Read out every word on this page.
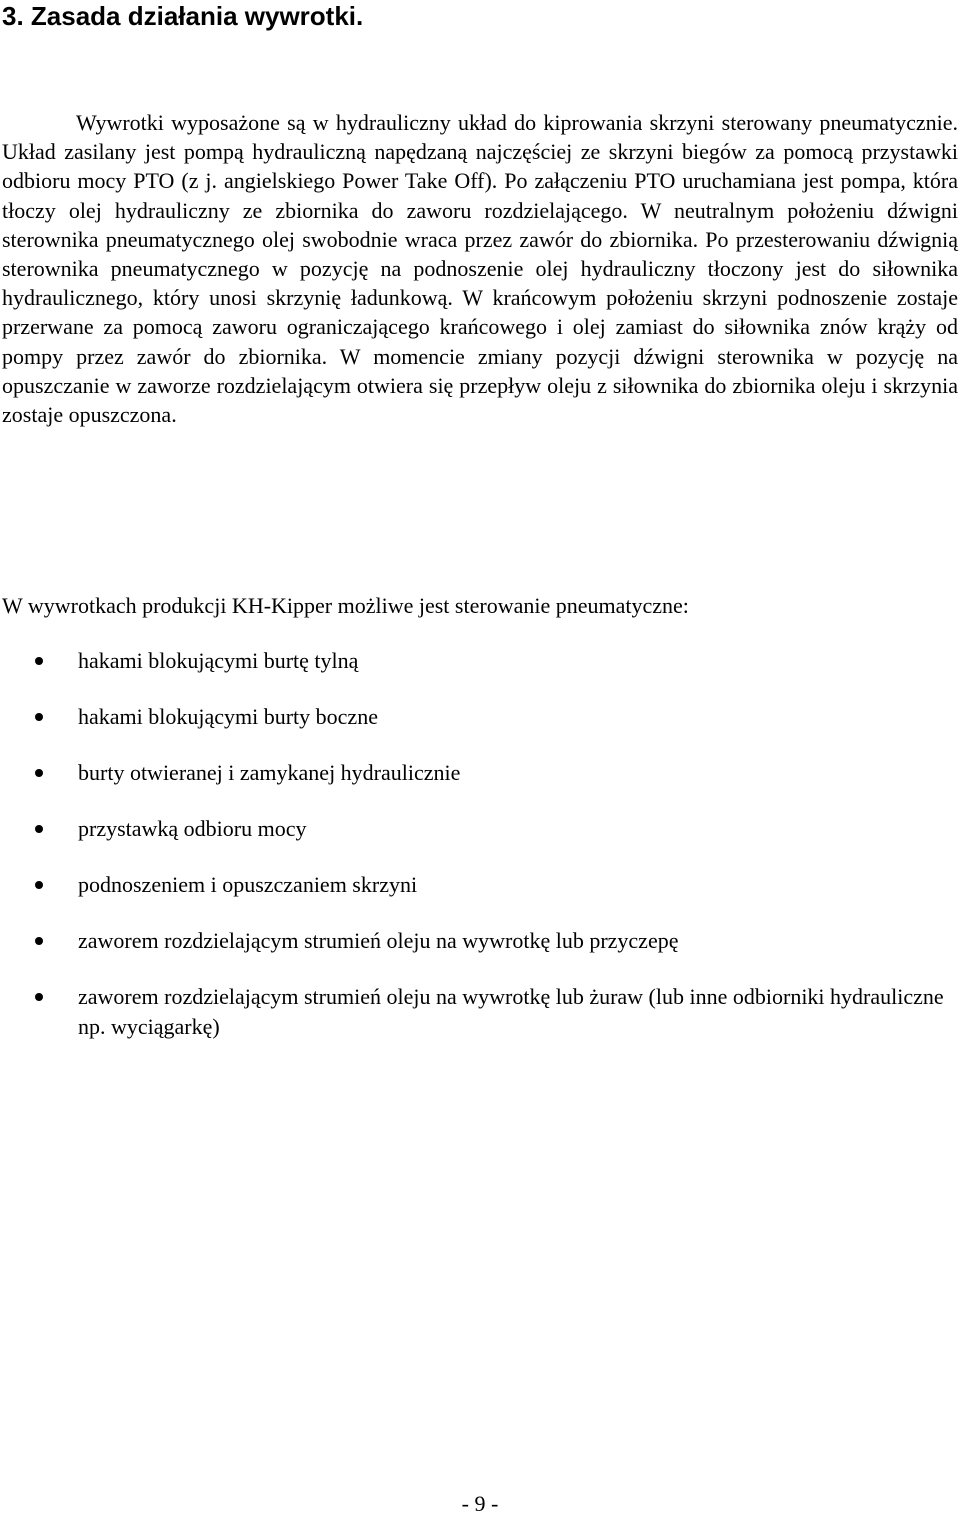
3. Zasada działania wywrotki.

Wywrotki wyposażone są w hydrauliczny układ do kiprowania skrzyni sterowany pneumatycznie. Układ zasilany jest pompą hydrauliczną napędzaną najczęściej ze skrzyni biegów za pomocą przystawki odbioru mocy PTO (z j. angielskiego Power Take Off). Po załączeniu PTO uruchamiana jest pompa, która tłoczy olej hydrauliczny ze zbiornika do zaworu rozdzielającego. W neutralnym położeniu dźwigni sterownika pneumatycznego olej swobodnie wraca przez zawór do zbiornika. Po przesterowaniu dźwignią sterownika pneumatycznego w pozycję na podnoszenie olej hydrauliczny tłoczony jest do siłownika hydraulicznego, który unosi skrzynię ładunkową. W krańcowym położeniu skrzyni podnoszenie zostaje przerwane za pomocą zaworu ograniczającego krańcowego i olej zamiast do siłownika znów krąży od pompy przez zawór do zbiornika. W momencie zmiany pozycji dźwigni sterownika w pozycję na opuszczanie w zaworze rozdzielającym otwiera się przepływ oleju z siłownika do zbiornika oleju i skrzynia zostaje opuszczona.

W wywrotkach produkcji KH-Kipper możliwe jest sterowanie pneumatyczne:

hakami blokującymi burtę tylną
hakami blokującymi burty boczne
burty otwieranej i zamykanej hydraulicznie
przystawką odbioru mocy
podnoszeniem i opuszczaniem skrzyni
zaworem rozdzielającym strumień oleju na wywrotkę lub przyczepę
zaworem rozdzielającym strumień oleju na wywrotkę lub żuraw (lub inne odbiorniki hydrauliczne np. wyciągarkę)

- 9 -
